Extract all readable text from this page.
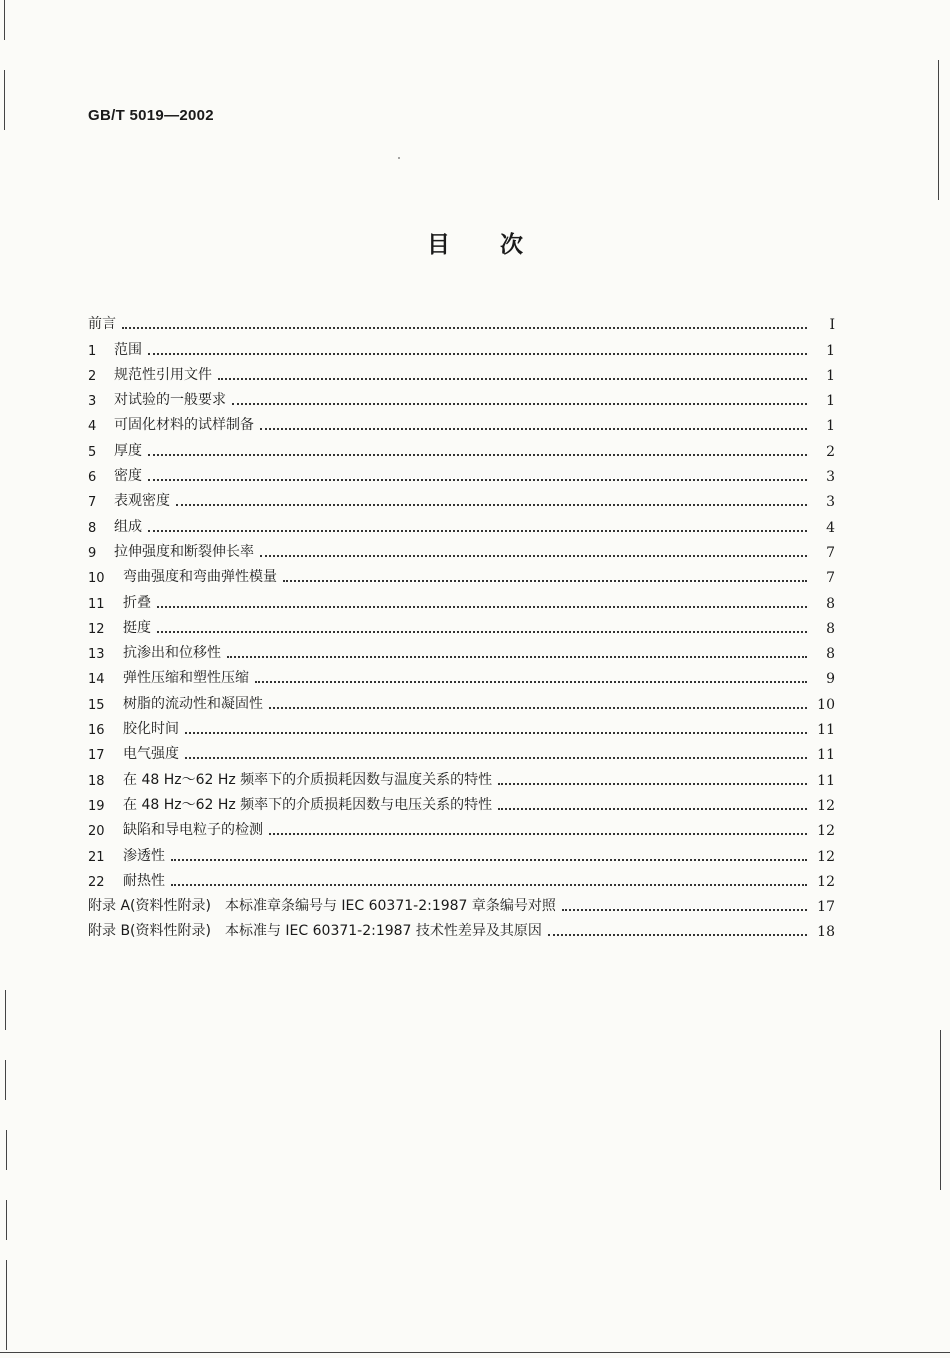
GB/T 5019—2002
目 次
前言	I
1	范围	1
2	规范性引用文件	1
3	对试验的一般要求	1
4	可固化材料的试样制备	1
5	厚度	2
6	密度	3
7	表观密度	3
8	组成	4
9	拉伸强度和断裂伸长率	7
10	弯曲强度和弯曲弹性模量	7
11	折叠	8
12	挺度	8
13	抗渗出和位移性	8
14	弹性压缩和塑性压缩	9
15	树脂的流动性和凝固性	10
16	胶化时间	11
17	电气强度	11
18	在 48 Hz～62 Hz 频率下的介质损耗因数与温度关系的特性	11
19	在 48 Hz～62 Hz 频率下的介质损耗因数与电压关系的特性	12
20	缺陷和导电粒子的检测	12
21	渗透性	12
22	耐热性	12
附录 A(资料性附录)　本标准章条编号与 IEC 60371-2:1987 章条编号对照	17
附录 B(资料性附录)　本标准与 IEC 60371-2:1987 技术性差异及其原因	18
